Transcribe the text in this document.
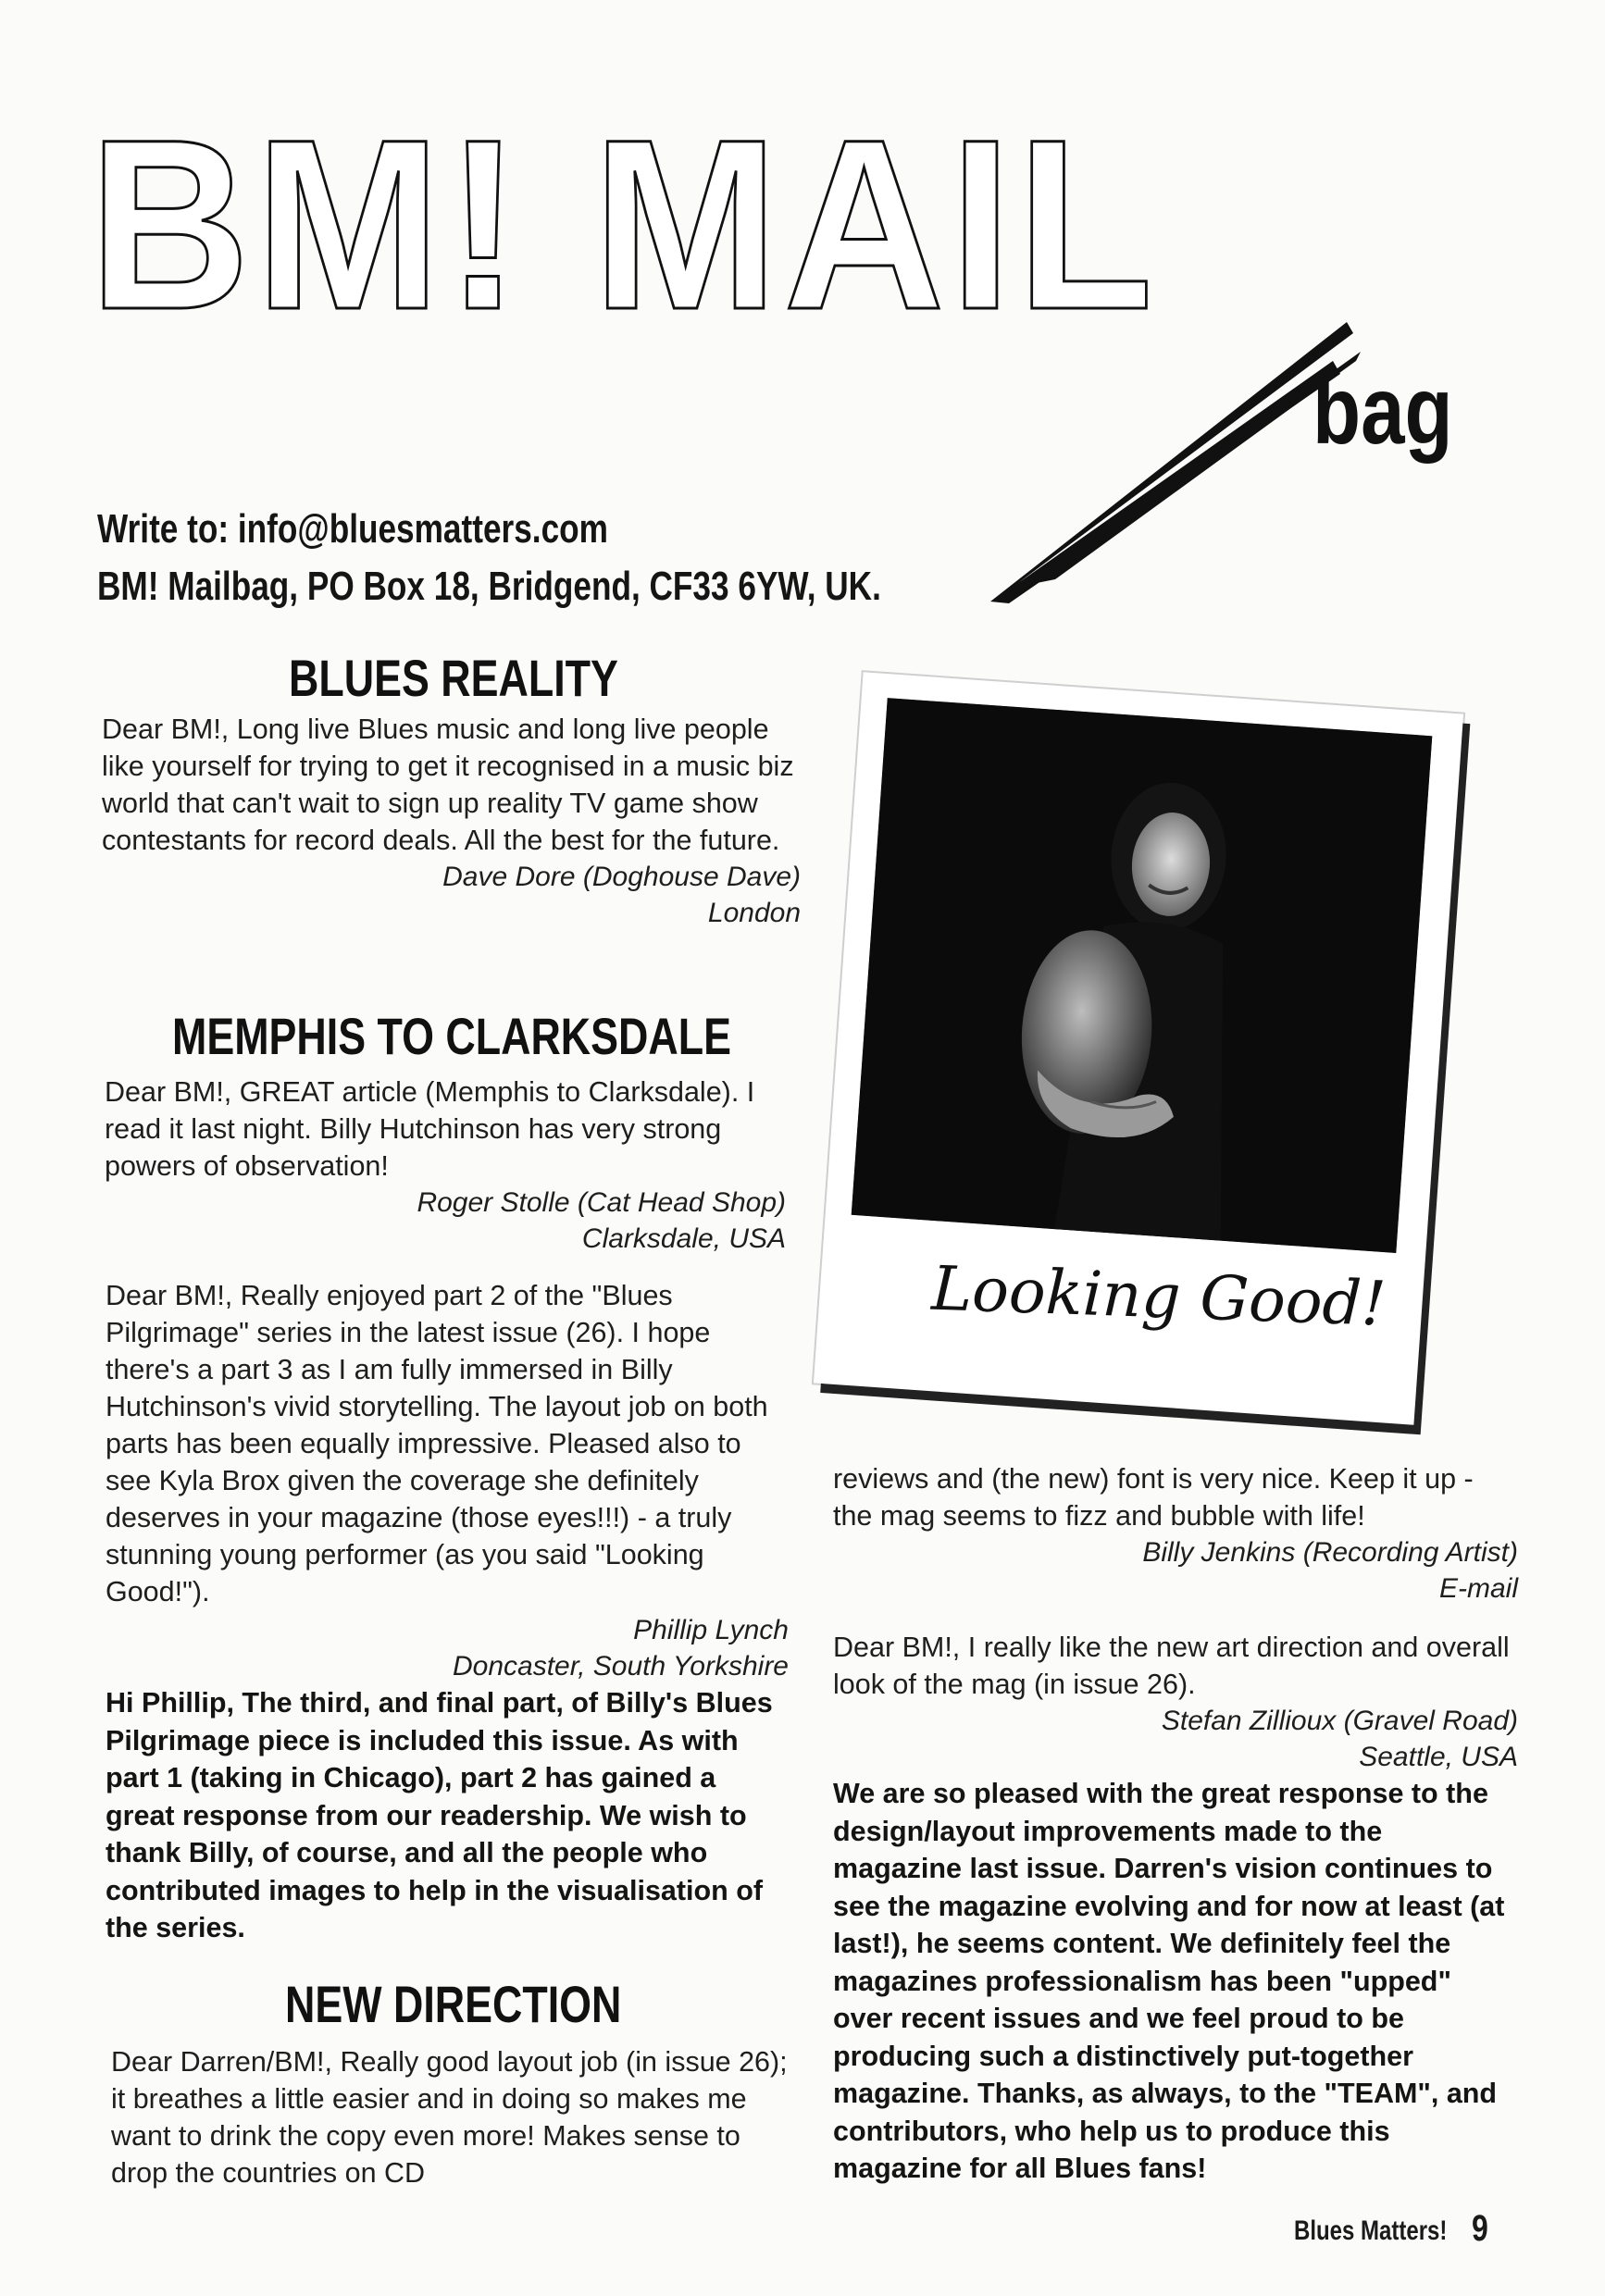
BM! MAIL
bag
Write to: info@bluesmatters.com
BM! Mailbag, PO Box 18, Bridgend, CF33 6YW, UK.
BLUES REALITY

Dear BM!, Long live Blues music and long live people like yourself for trying to get it recognised in a music biz world that can't wait to sign up reality TV game show contestants for record deals. All the best for the future.

Dave Dore (Doghouse Dave)

London

MEMPHIS TO CLARKSDALE

Dear BM!, GREAT article (Memphis to Clarksdale). I read it last night. Billy Hutchinson has very strong powers of observation!

Roger Stolle (Cat Head Shop)

Clarksdale, USA

Dear BM!, Really enjoyed part 2 of the "Blues Pilgrimage" series in the latest issue (26). I hope there's a part 3 as I am fully immersed in Billy Hutchinson's vivid storytelling. The layout job on both parts has been equally impressive. Pleased also to see Kyla Brox given the coverage she definitely deserves in your magazine (those eyes!!!) - a truly stunning young performer (as you said "Looking Good!").

Phillip Lynch

Doncaster, South Yorkshire

Hi Phillip, The third, and final part, of Billy's Blues Pilgrimage piece is included this issue. As with part 1 (taking in Chicago), part 2 has gained a great response from our readership. We wish to thank Billy, of course, and all the people who contributed images to help in the visualisation of the series.

NEW DIRECTION

Dear Darren/BM!, Really good layout job (in issue 26); it breathes a little easier and in doing so makes me want to drink the copy even more! Makes sense to drop the countries on CD

reviews and (the new) font is very nice. Keep it up - the mag seems to fizz and bubble with life!

Billy Jenkins (Recording Artist)

E-mail

Dear BM!, I really like the new art direction and overall look of the mag (in issue 26).

Stefan Zillioux (Gravel Road)

Seattle, USA

We are so pleased with the great response to the design/layout improvements made to the magazine last issue. Darren's vision continues to see the magazine evolving and for now at least (at last!), he seems content. We definitely feel the magazines professionalism has been "upped" over recent issues and we feel proud to be producing such a distinctively put-together magazine. Thanks, as always, to the "TEAM", and contributors, who help us to produce this magazine for all Blues fans!

Looking Good!
Blues Matters! 9
